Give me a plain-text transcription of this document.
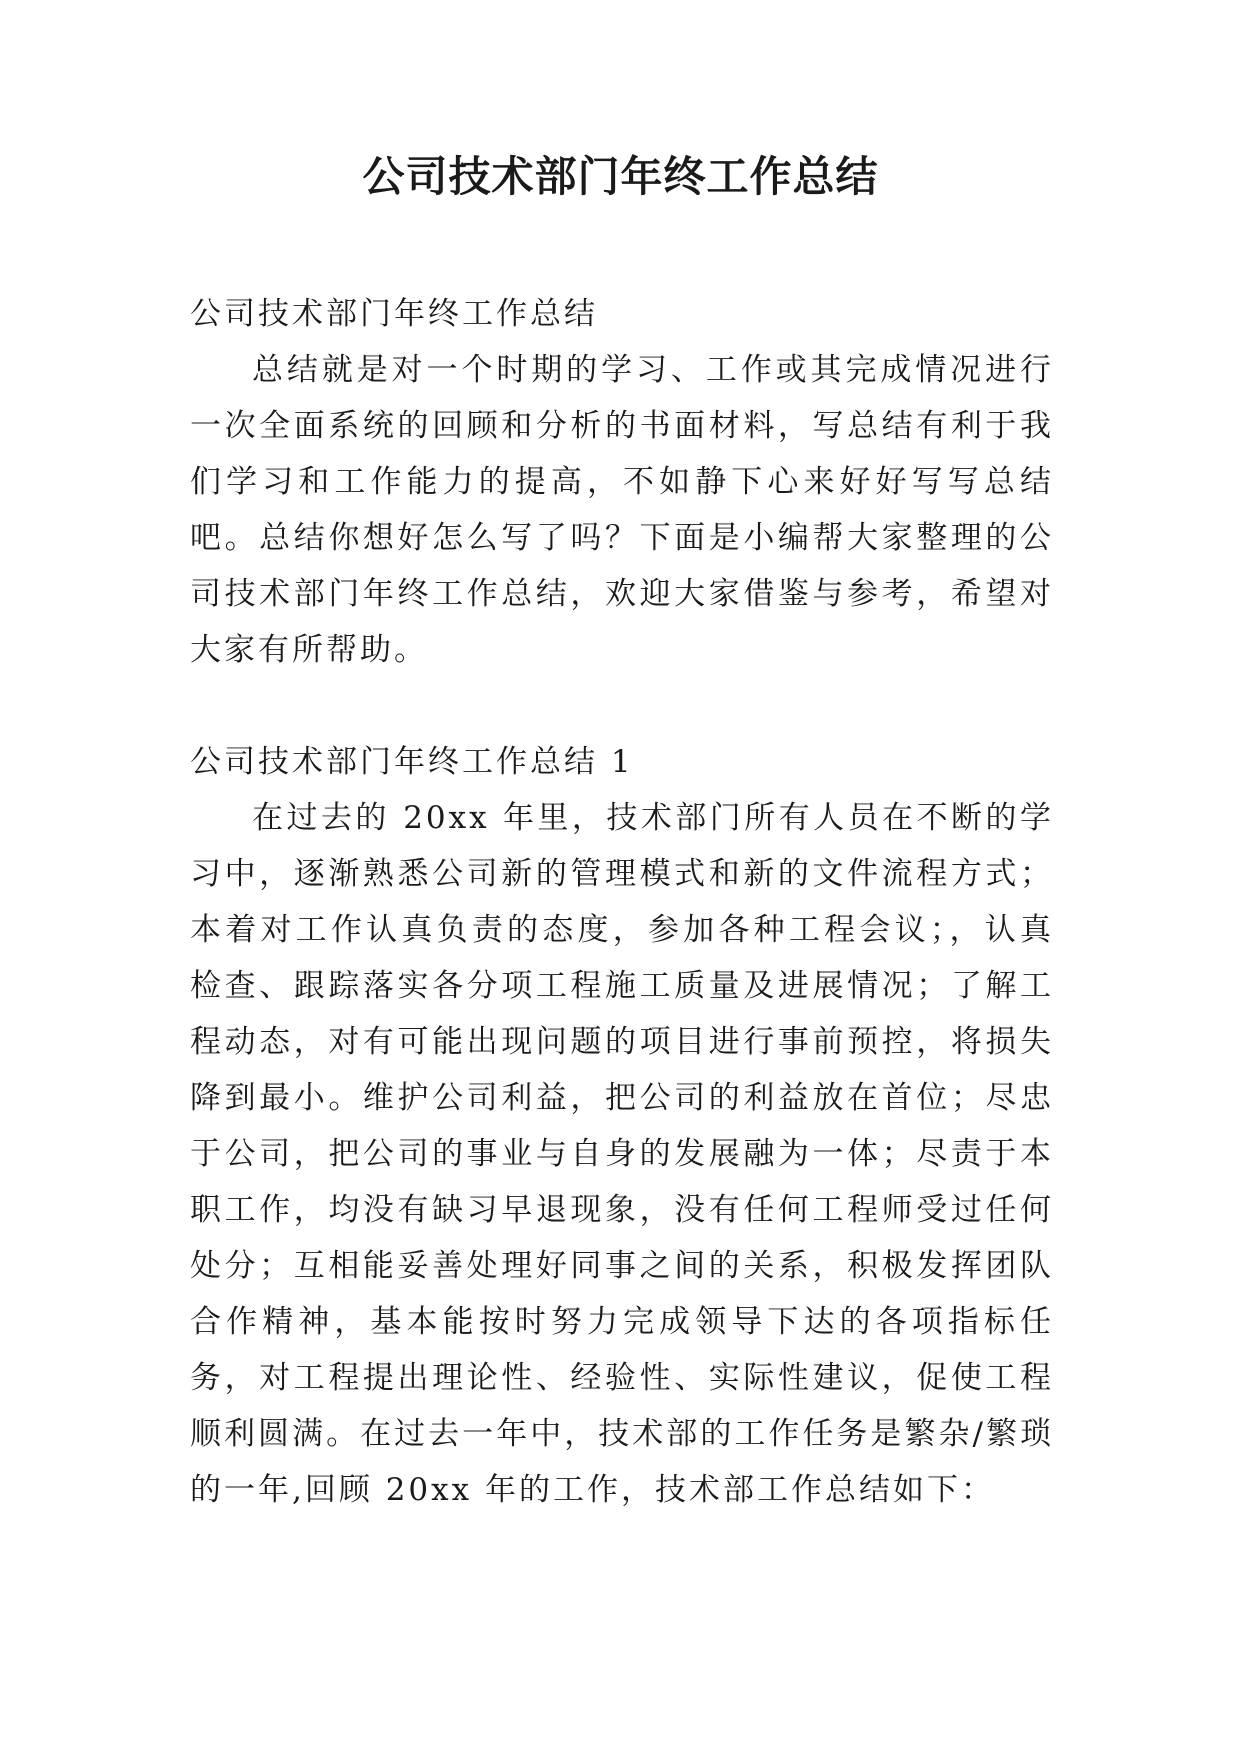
公司技术部门年终工作总结
公司技术部门年终工作总结

总结就是对一个时期的学习、工作或其完成情况进行一次全面系统的回顾和分析的书面材料，写总结有利于我们学习和工作能力的提高，不如静下心来好好写写总结吧。总结你想好怎么写了吗？下面是小编帮大家整理的公司技术部门年终工作总结，欢迎大家借鉴与参考，希望对大家有所帮助。

公司技术部门年终工作总结 1

在过去的 20xx 年里，技术部门所有人员在不断的学习中，逐渐熟悉公司新的管理模式和新的文件流程方式；本着对工作认真负责的态度，参加各种工程会议；，认真检查、跟踪落实各分项工程施工质量及进展情况；了解工程动态，对有可能出现问题的项目进行事前预控，将损失降到最小。维护公司利益，把公司的利益放在首位；尽忠于公司，把公司的事业与自身的发展融为一体；尽责于本职工作，均没有缺习早退现象，没有任何工程师受过任何处分；互相能妥善处理好同事之间的关系，积极发挥团队合作精神，基本能按时努力完成领导下达的各项指标任务，对工程提出理论性、经验性、实际性建议，促使工程顺利圆满。在过去一年中，技术部的工作任务是繁杂/繁琐的一年,回顾 20xx 年的工作，技术部工作总结如下：
